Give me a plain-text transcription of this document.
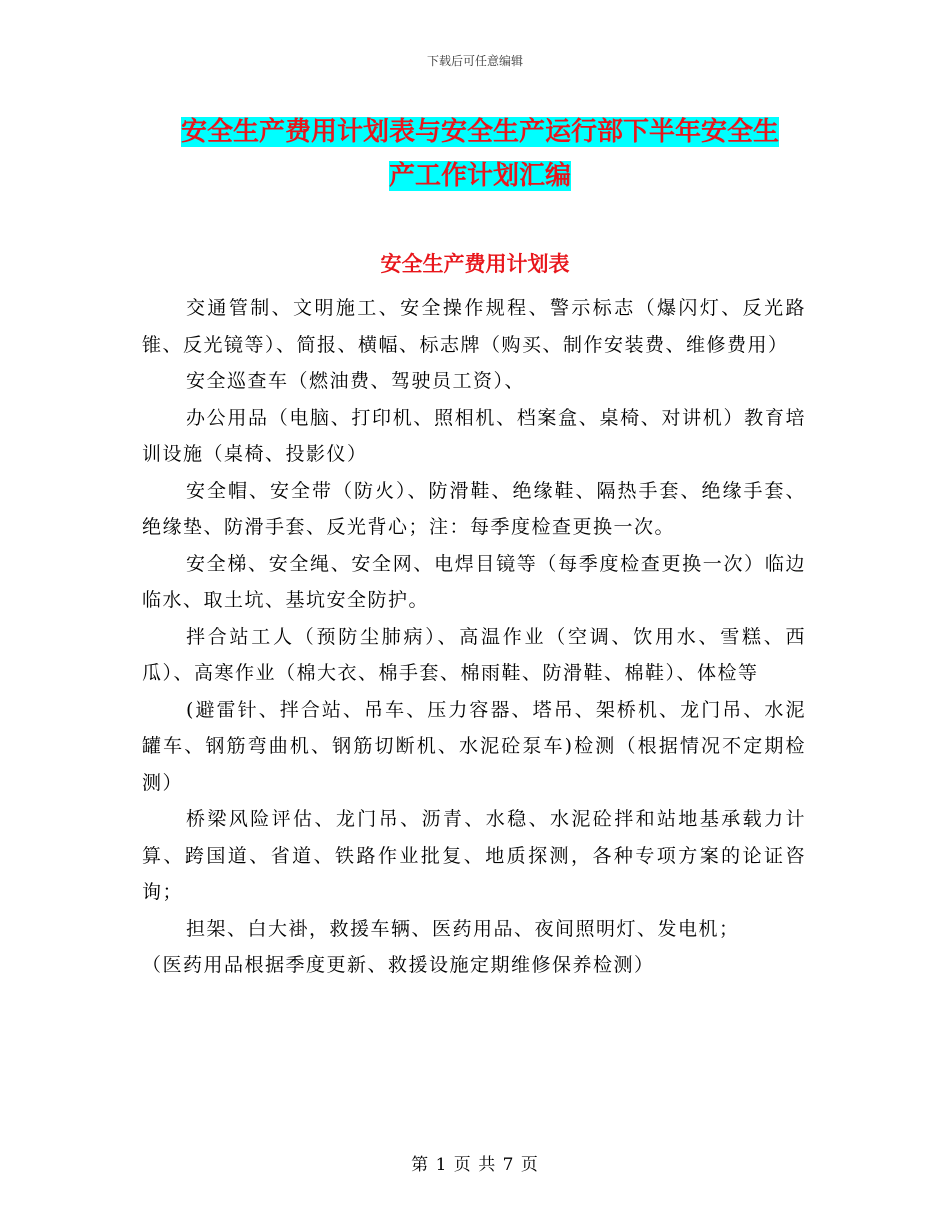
下载后可任意编辑
安全生产费用计划表与安全生产运行部下半年安全生
产工作计划汇编
安全生产费用计划表

交通管制、文明施工、安全操作规程、警示标志（爆闪灯、反光路锥、反光镜等）、简报、横幅、标志牌（购买、制作安装费、维修费用）

安全巡查车（燃油费、驾驶员工资）、

办公用品（电脑、打印机、照相机、档案盒、桌椅、对讲机）教育培训设施（桌椅、投影仪）

安全帽、安全带（防火）、防滑鞋、绝缘鞋、隔热手套、绝缘手套、绝缘垫、防滑手套、反光背心；注：每季度检查更换一次。

安全梯、安全绳、安全网、电焊目镜等（每季度检查更换一次）临边临水、取土坑、基坑安全防护。

拌合站工人（预防尘肺病）、高温作业（空调、饮用水、雪糕、西瓜）、高寒作业（棉大衣、棉手套、棉雨鞋、防滑鞋、棉鞋）、体检等

(避雷针、拌合站、吊车、压力容器、塔吊、架桥机、龙门吊、水泥罐车、钢筋弯曲机、钢筋切断机、水泥砼泵车)检测（根据情况不定期检测）

桥梁风险评估、龙门吊、沥青、水稳、水泥砼拌和站地基承载力计算、跨国道、省道、铁路作业批复、地质探测，各种专项方案的论证咨询；

担架、白大褂，救援车辆、医药用品、夜间照明灯、发电机；

（医药用品根据季度更新、救援设施定期维修保养检测）

第 1 页 共 7 页
